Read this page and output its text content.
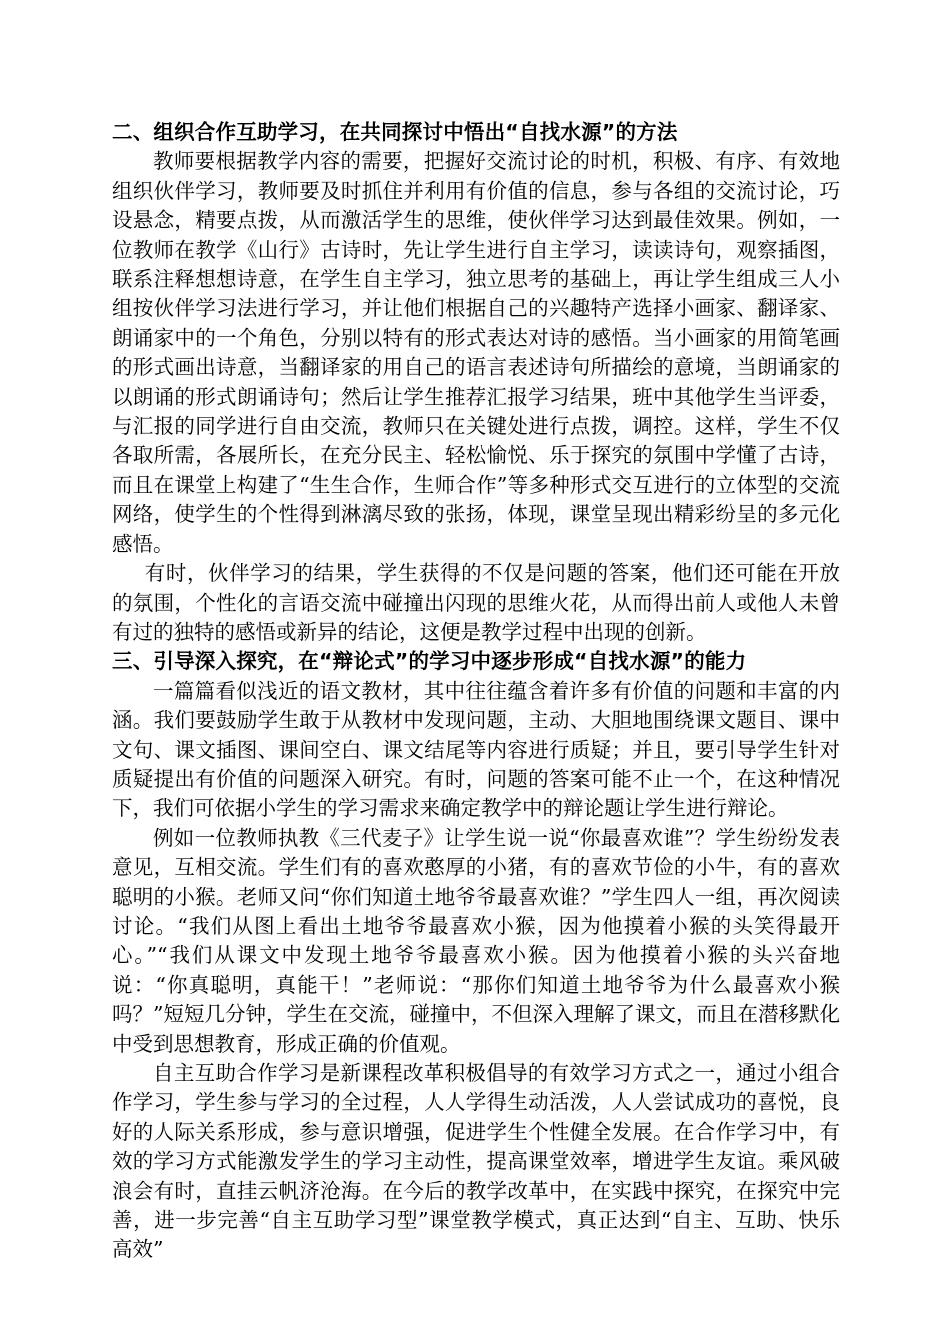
二、组织合作互助学习，在共同探讨中悟出“自找水源”的方法

教师要根据教学内容的需要，把握好交流讨论的时机，积极、有序、有效地组织伙伴学习，教师要及时抓住并利用有价值的信息，参与各组的交流讨论，巧设悬念，精要点拨，从而激活学生的思维，使伙伴学习达到最佳效果。例如，一位教师在教学《山行》古诗时，先让学生进行自主学习，读读诗句，观察插图，联系注释想想诗意，在学生自主学习，独立思考的基础上，再让学生组成三人小组按伙伴学习法进行学习，并让他们根据自己的兴趣特产选择小画家、翻译家、朗诵家中的一个角色，分别以特有的形式表达对诗的感悟。当小画家的用简笔画的形式画出诗意，当翻译家的用自己的语言表述诗句所描绘的意境，当朗诵家的以朗诵的形式朗诵诗句；然后让学生推荐汇报学习结果，班中其他学生当评委，与汇报的同学进行自由交流，教师只在关键处进行点拨，调控。这样，学生不仅各取所需，各展所长，在充分民主、轻松愉悦、乐于探究的氛围中学懂了古诗，而且在课堂上构建了“生生合作，生师合作”等多种形式交互进行的立体型的交流网络，使学生的个性得到淋漓尽致的张扬，体现，课堂呈现出精彩纷呈的多元化感悟。

有时，伙伴学习的结果，学生获得的不仅是问题的答案，他们还可能在开放的氛围，个性化的言语交流中碰撞出闪现的思维火花，从而得出前人或他人未曾有过的独特的感悟或新异的结论，这便是教学过程中出现的创新。

三、引导深入探究，在“辩论式”的学习中逐步形成“自找水源”的能力

一篇篇看似浅近的语文教材，其中往往蕴含着许多有价值的问题和丰富的内涵。我们要鼓励学生敢于从教材中发现问题，主动、大胆地围绕课文题目、课中文句、课文插图、课间空白、课文结尾等内容进行质疑；并且，要引导学生针对质疑提出有价值的问题深入研究。有时，问题的答案可能不止一个，在这种情况下，我们可依据小学生的学习需求来确定教学中的辩论题让学生进行辩论。

例如一位教师执教《三代麦子》让学生说一说“你最喜欢谁”？学生纷纷发表意见，互相交流。学生们有的喜欢憨厚的小猪，有的喜欢节俭的小牛，有的喜欢聪明的小猴。老师又问“你们知道土地爷爷最喜欢谁？”学生四人一组，再次阅读讨论。“我们从图上看出土地爷爷最喜欢小猴，因为他摸着小猴的头笑得最开心。”“我们从课文中发现土地爷爷最喜欢小猴。因为他摸着小猴的头兴奋地说：“你真聪明，真能干！”老师说：“那你们知道土地爷爷为什么最喜欢小猴吗？”短短几分钟，学生在交流，碰撞中，不但深入理解了课文，而且在潜移默化中受到思想教育，形成正确的价值观。

自主互助合作学习是新课程改革积极倡导的有效学习方式之一，通过小组合作学习，学生参与学习的全过程，人人学得生动活泼，人人尝试成功的喜悦，良好的人际关系形成，参与意识增强，促进学生个性健全发展。在合作学习中，有效的学习方式能激发学生的学习主动性，提高课堂效率，增进学生友谊。乘风破浪会有时，直挂云帆济沧海。在今后的教学改革中，在实践中探究，在探究中完善，进一步完善“自主互助学习型”课堂教学模式，真正达到“自主、互助、快乐高效”
